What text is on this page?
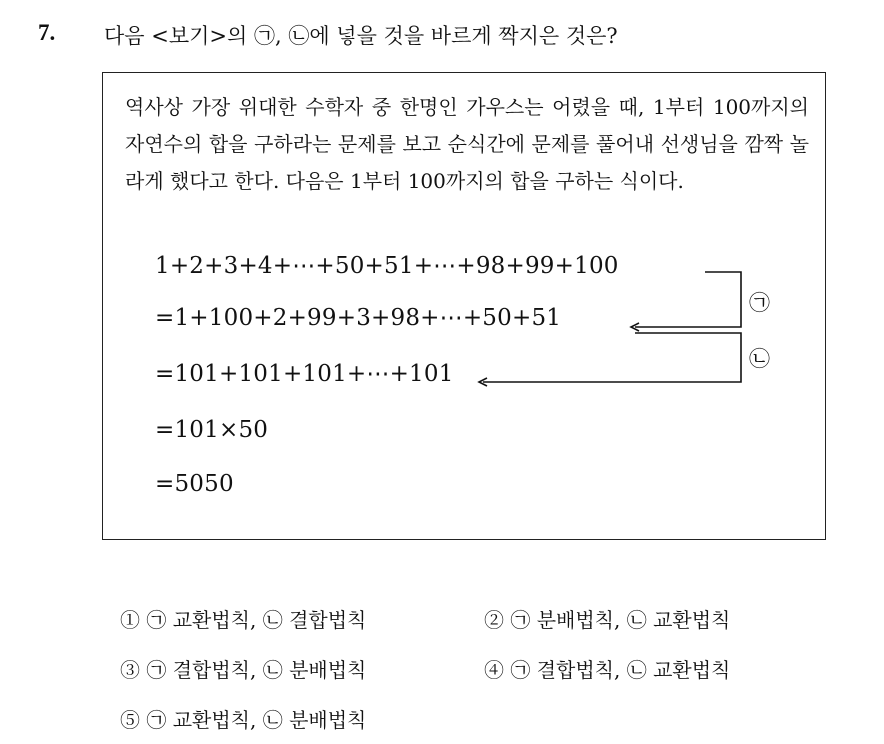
7. 다음 <보기>의 ㉠, ㉡에 넣을 것을 바르게 짝지은 것은?
역사상 가장 위대한 수학자 중 한명인 가우스는 어렸을 때, 1부터 100까지의 자연수의 합을 구하라는 문제를 보고 순식간에 문제를 풀어내 선생님을 깜짝 놀라게 했다고 한다. 다음은 1부터 100까지의 합을 구하는 식이다.
1+2+3+4+⋯+50+51+⋯+98+99+100
=1+100+2+99+3+98+⋯+50+51
=101+101+101+⋯+101
=101×50
=5050
㉠
㉡
① ㉠ 교환법칙, ㉡ 결합법칙	② ㉠ 분배법칙, ㉡ 교환법칙
③ ㉠ 결합법칙, ㉡ 분배법칙	④ ㉠ 결합법칙, ㉡ 교환법칙
⑤ ㉠ 교환법칙, ㉡ 분배법칙
